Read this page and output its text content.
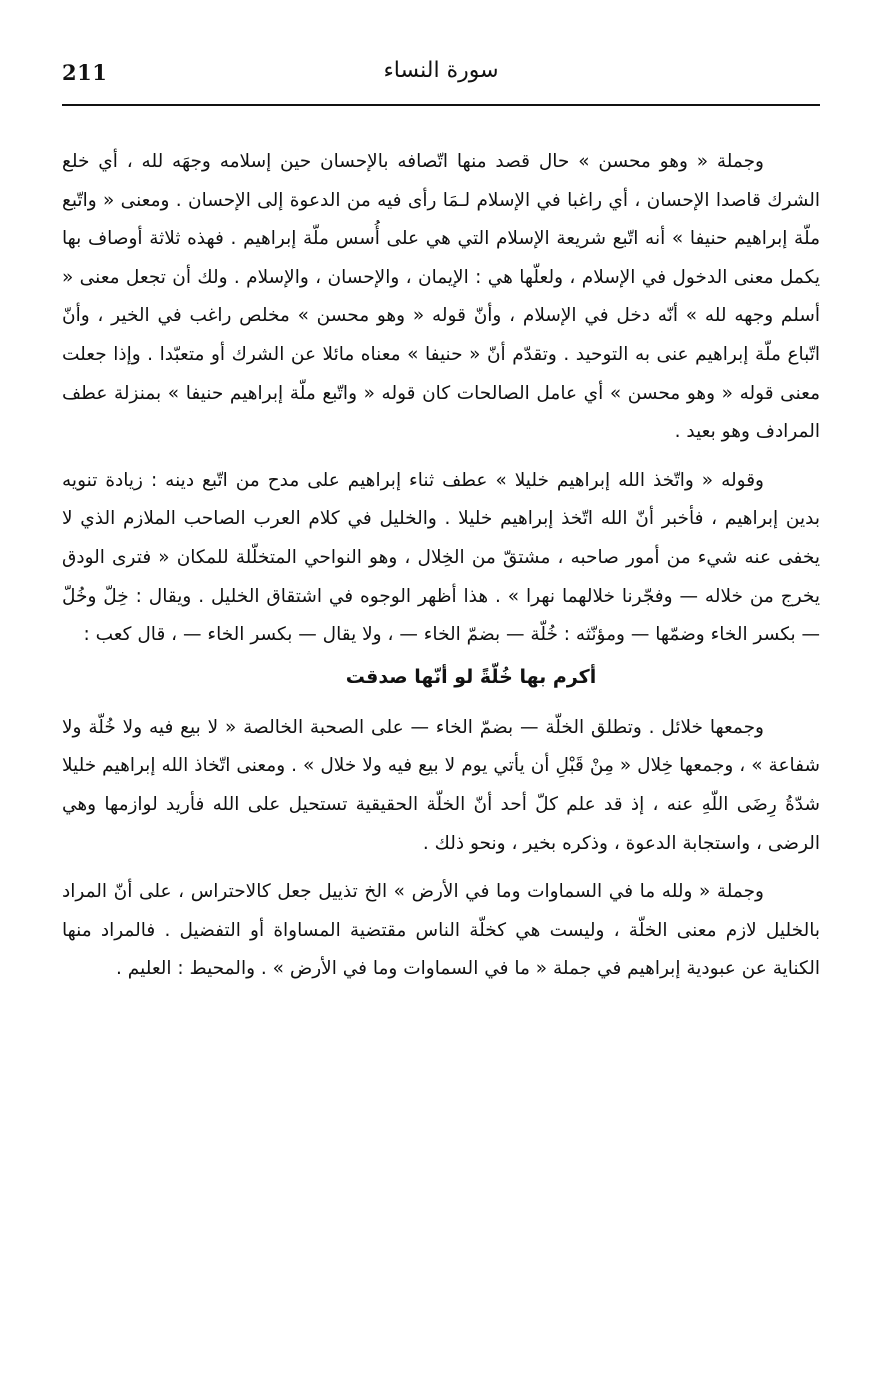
211	سورة النساء

وجملة « وهو محسن » حال قصد منها اتّصافه بالإحسان حين إسلامه وجهَه لله ، أي خلع الشرك قاصدا الإحسان ، أي راغبا في الإسلام لـمَا رأى فيه من الدعوة إلى الإحسان . ومعنى « واتّبع ملّة إبراهيم حنيفا » أنه اتّبع شريعة الإسلام التي هي على أُسس ملّة إبراهيم . فهذه ثلاثة أوصاف بها يكمل معنى الدخول في الإسلام ، ولعلّها هي : الإيمان ، والإحسان ، والإسلام . ولك أن تجعل معنى « أسلم وجهه لله » أنّه دخل في الإسلام ، وأنّ قوله « وهو محسن » مخلص راغب في الخير ، وأنّ اتّباع ملّة إبراهيم عنى به التوحيد . وتقدّم أنّ « حنيفا » معناه مائلا عن الشرك أو متعبّدا . وإذا جعلت معنى قوله « وهو محسن » أي عامل الصالحات كان قوله « واتّبع ملّة إبراهيم حنيفا » بمنزلة عطف المرادف وهو بعيد .

وقوله « واتّخذ الله إبراهيم خليلا » عطف ثناء إبراهيم على مدح من اتّبع دينه : زيادة تنويه بدين إبراهيم ، فأخبر أنّ الله اتّخذ إبراهيم خليلا . والخليل في كلام العرب الصاحب الملازم الذي لا يخفى عنه شيء من أمور صاحبه ، مشتقّ من الخِلال ، وهو النواحي المتخلّلة للمكان « فترى الودق يخرج من خلاله — وفجّرنا خلالهما نهرا » . هذا أظهر الوجوه في اشتقاق الخليل . ويقال : خِلّ وخُلّ — بكسر الخاء وضمّها — ومؤنّثه : خُلّة — بضمّ الخاء — ، ولا يقال — بكسر الخاء — ، قال كعب :

أكرم بها خُلّةً لو أنّها صدقت

وجمعها خلائل . وتطلق الخلّة — بضمّ الخاء — على الصحبة الخالصة « لا بيع فيه ولا خُلّة ولا شفاعة » ، وجمعها خِلال « مِنْ قَبْلِ أن يأتي يوم لا بيع فيه ولا خلال » . ومعنى اتّخاذ الله إبراهيم خليلا شدّةُ رِضَى اللّهِ عنه ، إذ قد علم كلّ أحد أنّ الخلّة الحقيقية تستحيل على الله فأريد لوازمها وهي الرضى ، واستجابة الدعوة ، وذكره بخير ، ونحو ذلك .

وجملة « ولله ما في السماوات وما في الأرض » الخ تذييل جعل كالاحتراس ، على أنّ المراد بالخليل لازم معنى الخلّة ، وليست هي كخلّة الناس مقتضية المساواة أو التفضيل . فالمراد منها الكناية عن عبودية إبراهيم في جملة « ما في السماوات وما في الأرض » . والمحيط : العليم .
